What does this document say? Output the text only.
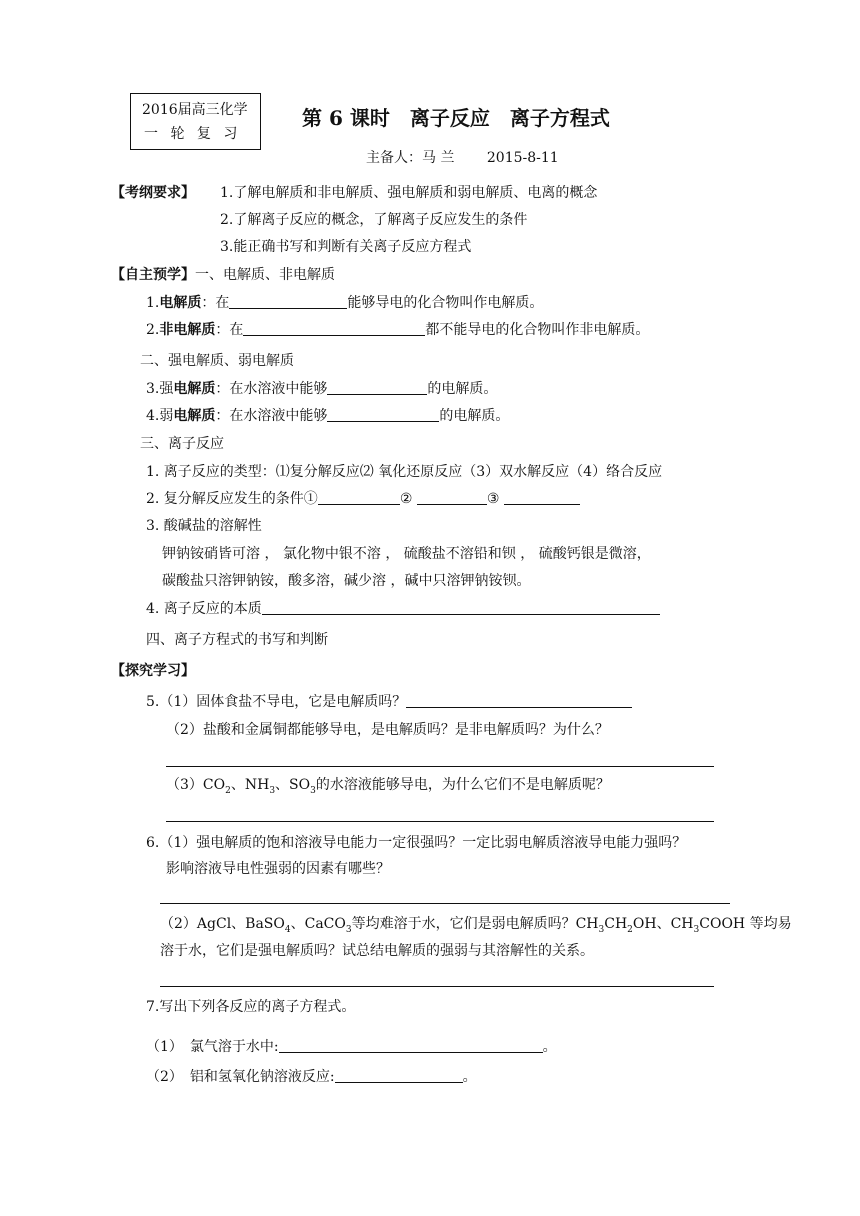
2016届高三化学
一 轮 复 习
第 6 课时　离子反应　离子方程式
主备人：马 兰　　 2015-8-11
【考纲要求】 1.了解电解质和非电解质、强电解质和弱电解质、电离的概念
2.了解离子反应的概念，了解离子反应发生的条件
3.能正确书写和判断有关离子反应方程式
【自主预学】一、电解质、非电解质
1.电解质：在	能够导电的化合物叫作电解质。
2.非电解质：在	都不能导电的化合物叫作非电解质。
二、强电解质、弱电解质
3.强电解质：在水溶液中能够	的电解质。
4.弱电解质：在水溶液中能够	的电解质。
三、离子反应
1. 离子反应的类型：⑴复分解反应⑵ 氧化还原反应（3）双水解反应（4）络合反应
2. 复分解反应发生的条件①	②	③
3. 酸碱盐的溶解性
钾钠铵硝皆可溶 ， 氯化物中银不溶 ， 硫酸盐不溶铅和钡 ， 硫酸钙银是微溶，
碳酸盐只溶钾钠铵，酸多溶，碱少溶 ，碱中只溶钾钠铵钡。
4. 离子反应的本质
四、离子方程式的书写和判断
【探究学习】
5.（1）固体食盐不导电，它是电解质吗？
（2）盐酸和金属铜都能够导电，是电解质吗？是非电解质吗？为什么？
$(3)CO_2$、$NH_3$、$SO_3$的水溶液能够导电，为什么它们不是电解质呢？
6.（1）强电解质的饱和溶液导电能力一定很强吗？一定比弱电解质溶液导电能力强吗？
影响溶液导电性强弱的因素有哪些？
（2）AgCl、BaSO$_4$、CaCO$_3$等均难溶于水，它们是弱电解质吗？$CH_3CH_2OH$、$CH_3COOH$ 等均易
溶于水，它们是强电解质吗？试总结电解质的强弱与其溶解性的关系。
7.写出下列各反应的离子方程式。
（1）　氯气溶于水中:	。
（2）　铝和氢氧化钠溶液反应:	。
